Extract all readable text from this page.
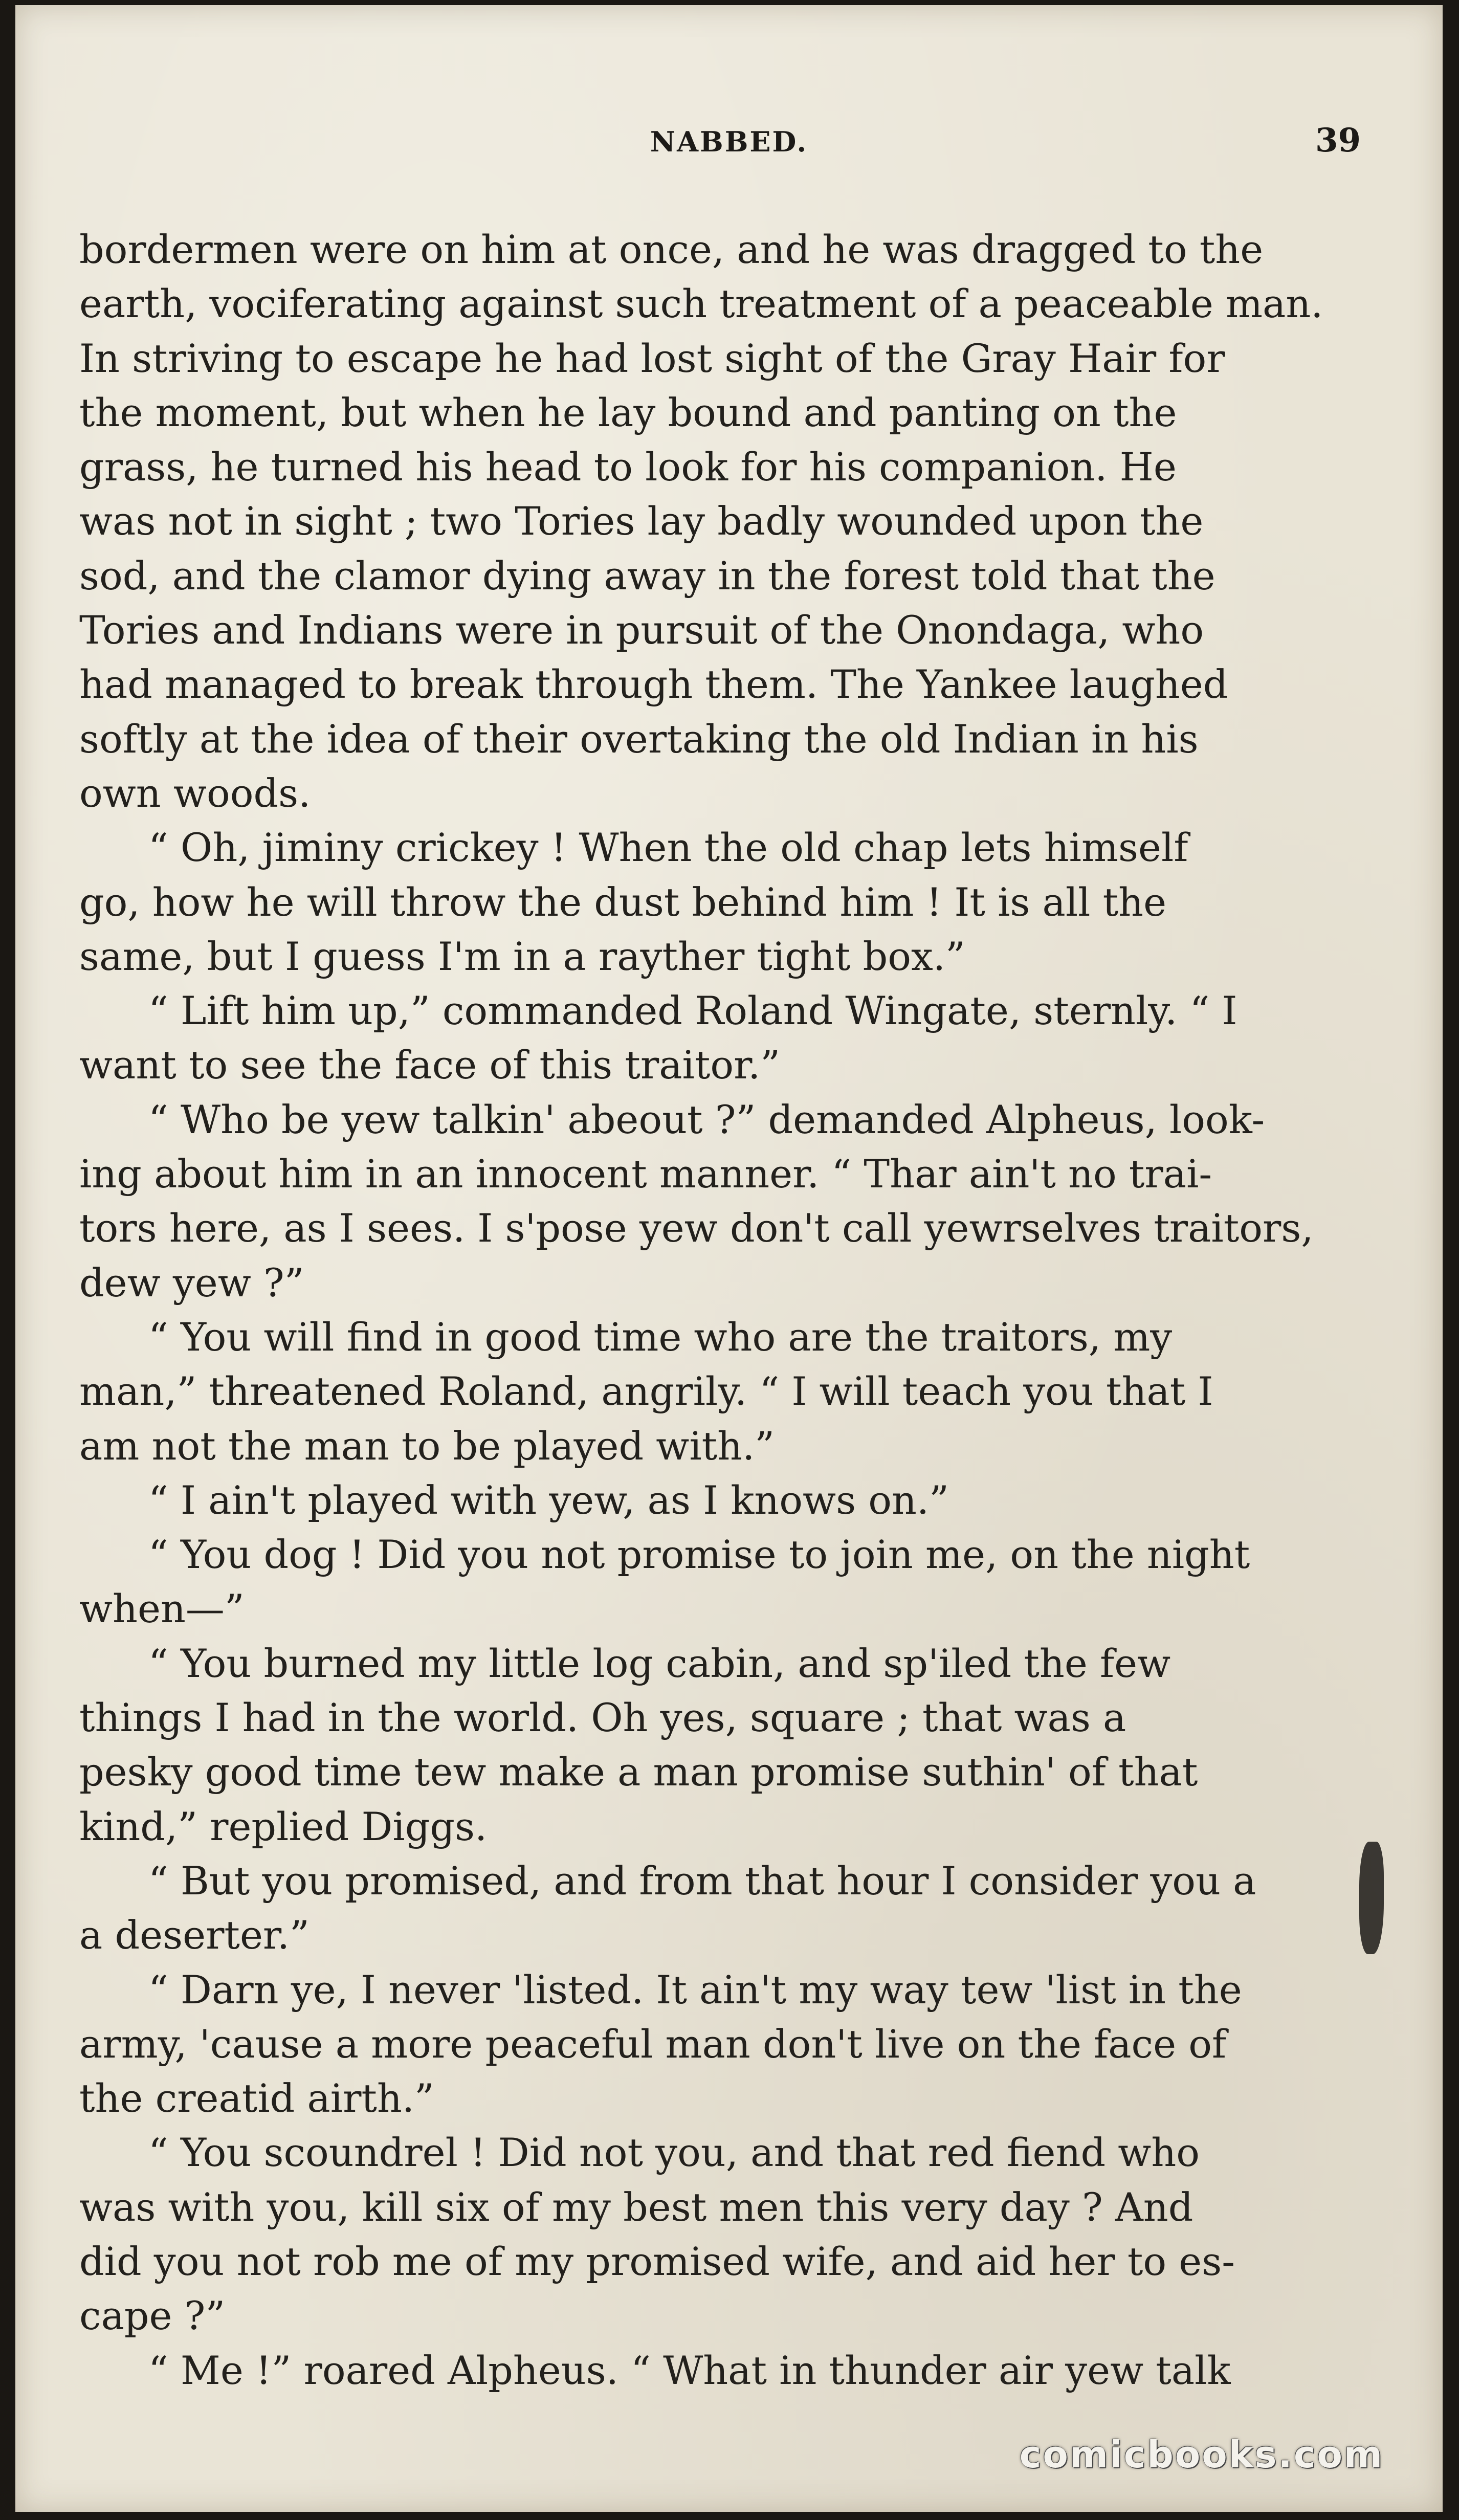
NABBED.	39
bordermen were on him at once, and he was dragged to the
earth, vociferating against such treatment of a peaceable man.
In striving to escape he had lost sight of the Gray Hair for
the moment, but when he lay bound and panting on the
grass, he turned his head to look for his companion. He
was not in sight ; two Tories lay badly wounded upon the
sod, and the clamor dying away in the forest told that the
Tories and Indians were in pursuit of the Onondaga, who
had managed to break through them. The Yankee laughed
softly at the idea of their overtaking the old Indian in his
own woods.
“ Oh, jiminy crickey ! When the old chap lets himself
go, how he will throw the dust behind him ! It is all the
same, but I guess I'm in a rayther tight box.”
“ Lift him up,” commanded Roland Wingate, sternly. “ I
want to see the face of this traitor.”
“ Who be yew talkin' abeout ?” demanded Alpheus, look-
ing about him in an innocent manner. “ Thar ain't no trai-
tors here, as I sees. I s'pose yew don't call yewrselves traitors,
dew yew ?”
“ You will find in good time who are the traitors, my
man,” threatened Roland, angrily. “ I will teach you that I
am not the man to be played with.”
“ I ain't played with yew, as I knows on.”
“ You dog ! Did you not promise to join me, on the night
when—”
“ You burned my little log cabin, and sp'iled the few
things I had in the world. Oh yes, square ; that was a
pesky good time tew make a man promise suthin' of that
kind,” replied Diggs.
“ But you promised, and from that hour I consider you a
a deserter.”
“ Darn ye, I never 'listed. It ain't my way tew 'list in the
army, 'cause a more peaceful man don't live on the face of
the creatid airth.”
“ You scoundrel ! Did not you, and that red fiend who
was with you, kill six of my best men this very day ? And
did you not rob me of my promised wife, and aid her to es-
cape ?”
“ Me !” roared Alpheus. “ What in thunder air yew talk
comicbooks.com
